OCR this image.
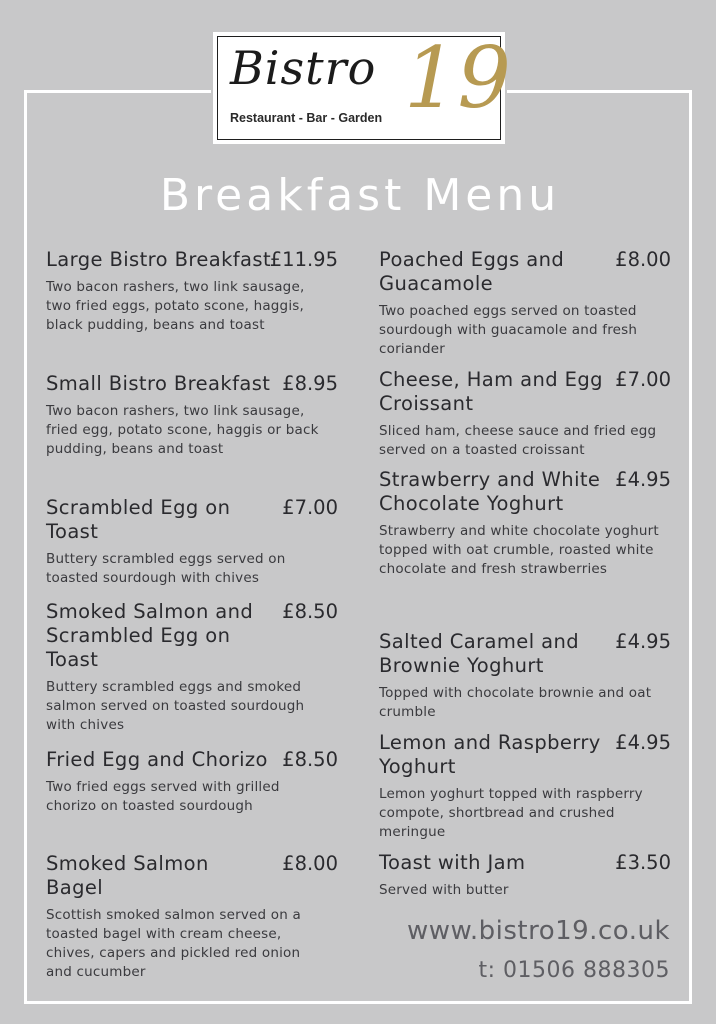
Bistro 19
Restaurant - Bar - Garden
Breakfast Menu
Large Bistro Breakfast
£11.95
Two bacon rashers, two link sausage, two fried eggs, potato scone, haggis, black pudding, beans and toast
Small Bistro Breakfast £8.95
Two bacon rashers, two link sausage, fried egg, potato scone, haggis or back pudding, beans and toast
Scrambled Egg on Toast
£7.00
Buttery scrambled eggs served on toasted sourdough with chives
Smoked Salmon and Scrambled Egg on Toast
£8.50
Buttery scrambled eggs and smoked salmon served on toasted sourdough with chives
Fried Egg and Chorizo £8.50
Two fried eggs served with grilled chorizo on toasted sourdough
Smoked Salmon Bagel
£8.00
Scottish smoked salmon served on a toasted bagel with cream cheese, chives, capers and pickled red onion and cucumber
Poached Eggs and Guacamole
£8.00
Two poached eggs served on toasted sourdough with guacamole and fresh coriander
Cheese, Ham and Egg Croissant
£7.00
Sliced ham, cheese sauce and fried egg served on a toasted croissant
Strawberry and White Chocolate Yoghurt
£4.95
Strawberry and white chocolate yoghurt topped with oat crumble, roasted white chocolate and fresh strawberries
Salted Caramel and Brownie Yoghurt
£4.95
Topped with chocolate brownie and oat crumble
Lemon and Raspberry Yoghurt
£4.95
Lemon yoghurt topped with raspberry compote, shortbread and crushed meringue
Toast with Jam	£3.50
Served with butter
www.bistro19.co.uk
t: 01506 888305
